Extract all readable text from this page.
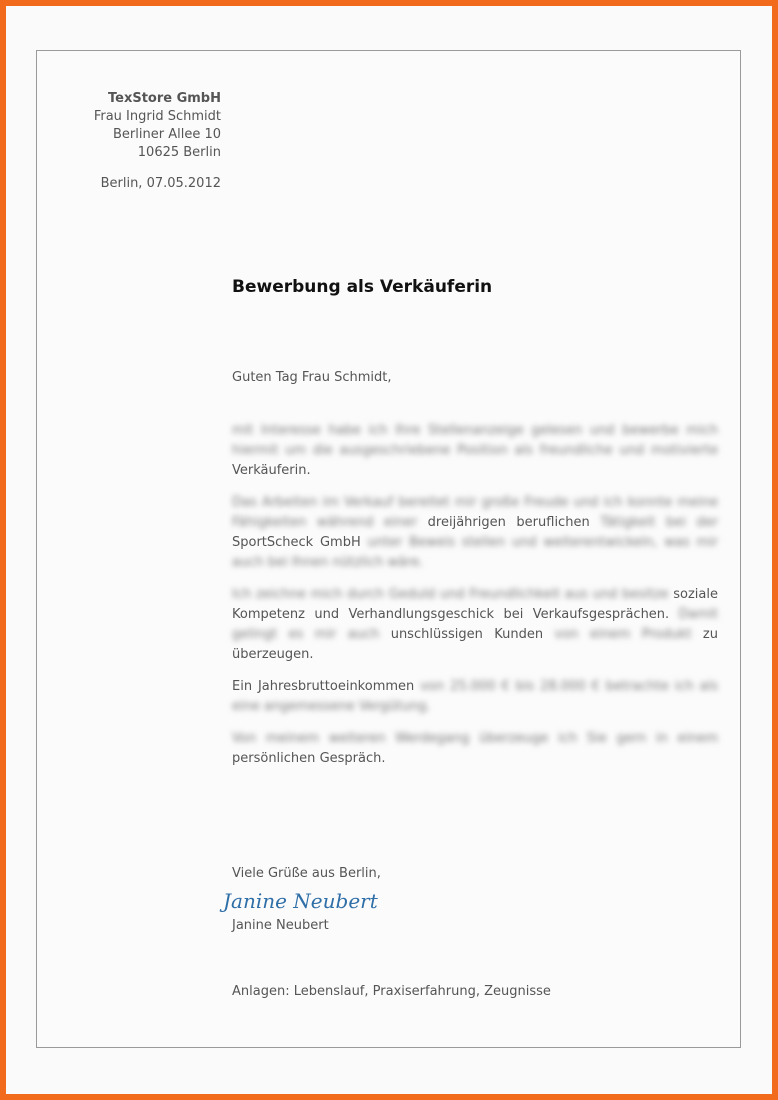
TexStore GmbH
Frau Ingrid Schmidt
Berliner Allee 10
10625 Berlin
Berlin, 07.05.2012
Bewerbung als Verkäuferin
Guten Tag Frau Schmidt,

mit Interesse habe ich Ihre Stellenanzeige gelesen und bewerbe mich hiermit um die ausgeschriebene Position als freundliche und motivierte Verkäuferin.

Das Arbeiten im Verkauf bereitet mir große Freude und ich konnte meine Fähigkeiten während einer dreijährigen beruflichen Tätigkeit bei der SportScheck GmbH unter Beweis stellen und weiterentwickeln, was mir auch bei Ihnen nützlich wäre.

Ich zeichne mich durch Geduld und Freundlichkeit aus und besitze soziale Kompetenz und Verhandlungsgeschick bei Verkaufsgesprächen. Damit gelingt es mir auch unschlüssigen Kunden von einem Produkt zu überzeugen.

Ein Jahresbruttoeinkommen von 25.000 € bis 28.000 € betrachte ich als eine angemessene Vergütung.

Von meinem weiteren Werdegang überzeuge ich Sie gern in einem persönlichen Gespräch.

Viele Grüße aus Berlin,
Janine Neubert
Janine Neubert
Anlagen: Lebenslauf, Praxiserfahrung, Zeugnisse
